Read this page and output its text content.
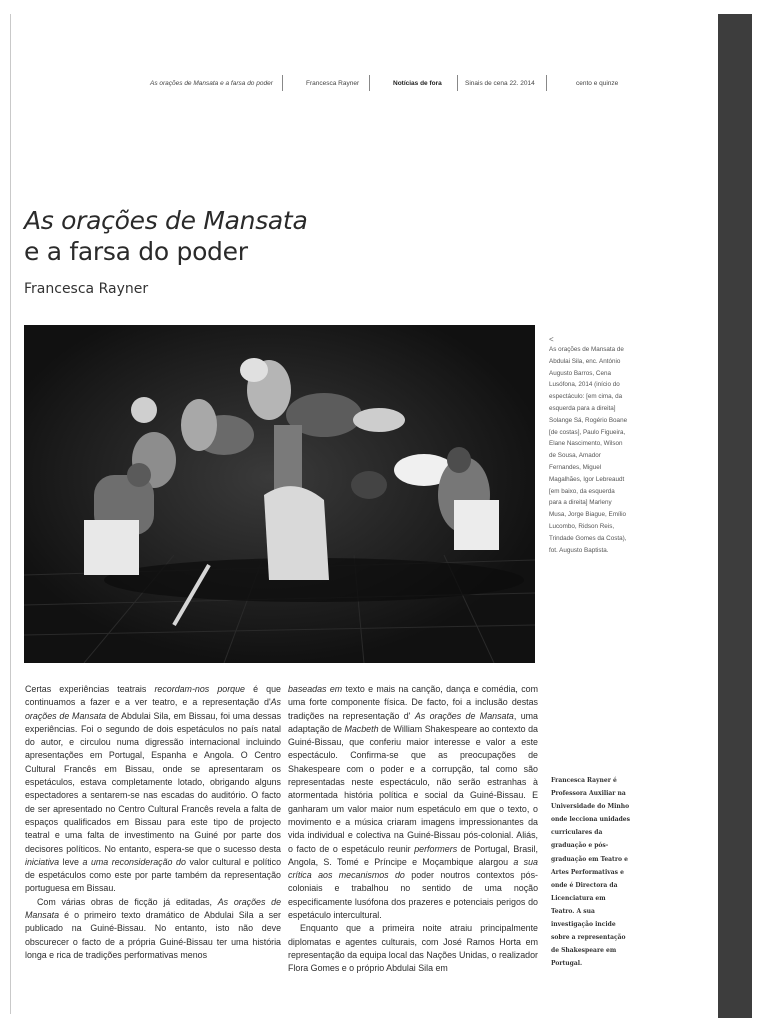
As orações de Mansata e a farsa do poder	Francesca Rayner	Notícias de fora	Sinais de cena 22. 2014	cento e quinze
As orações de Mansata
e a farsa do poder

Francesca Rayner

<
As orações de Mansata de Abdulai Sila, enc. António Augusto Barros, Cena Lusófona, 2014 (início do espectáculo: [em cima, da esquerda para a direita] Solange Sá, Rogério Boane [de costas], Paulo Figueira, Elane Nascimento, Wilson de Sousa, Amador Fernandes, Miguel Magalhães, Igor Lebreaudt [em baixo, da esquerda para a direita] Marleny Musa, Jorge Biague, Emílio Lucombo, Ridson Reis, Trindade Gomes da Costa), fot. Augusto Baptista.

Certas experiências teatrais recordam-nos porque é que continuamos a fazer e a ver teatro, e a representação d'As orações de Mansata de Abdulai Sila, em Bissau, foi uma dessas experiências. Foi o segundo de dois espetáculos no país natal do autor, e circulou numa digressão internacional incluindo apresentações em Portugal, Espanha e Angola. O Centro Cultural Francês em Bissau, onde se apresentaram os espetáculos, estava completamente lotado, obrigando alguns espectadores a sentarem-se nas escadas do auditório. O facto de ser apresentado no Centro Cultural Francês revela a falta de espaços qualificados em Bissau para este tipo de projecto teatral e uma falta de investimento na Guiné por parte dos decisores políticos. No entanto, espera-se que o sucesso desta iniciativa leve a uma reconsideração do valor cultural e político de espetáculos como este por parte também da representação portuguesa em Bissau.

Com várias obras de ficção já editadas, As orações de Mansata é o primeiro texto dramático de Abdulai Sila a ser publicado na Guiné-Bissau. No entanto, isto não deve obscurecer o facto de a própria Guiné-Bissau ter uma história longa e rica de tradições performativas menos

baseadas em texto e mais na canção, dança e comédia, com uma forte componente física. De facto, foi a inclusão destas tradições na representação d' As orações de Mansata, uma adaptação de Macbeth de William Shakespeare ao contexto da Guiné-Bissau, que conferiu maior interesse e valor a este espectáculo. Confirma-se que as preocupações de Shakespeare com o poder e a corrupção, tal como são representadas neste espectáculo, não serão estranhas à atormentada história política e social da Guiné-Bissau. E ganharam um valor maior num espetáculo em que o texto, o movimento e a música criaram imagens impressionantes da vida individual e colectiva na Guiné-Bissau pós-colonial. Aliás, o facto de o espetáculo reunir performers de Portugal, Brasil, Angola, S. Tomé e Príncipe e Moçambique alargou a sua crítica aos mecanismos do poder noutros contextos pós-coloniais e trabalhou no sentido de uma noção especificamente lusófona dos prazeres e potenciais perigos do espetáculo intercultural.

Enquanto que a primeira noite atraiu principalmente diplomatas e agentes culturais, com José Ramos Horta em representação da equipa local das Nações Unidas, o realizador Flora Gomes e o próprio Abdulai Sila em

Francesca Rayner é Professora Auxiliar na Universidade do Minho onde lecciona unidades curriculares da graduação e pós-graduação em Teatro e Artes Performativas e onde é Directora da Licenciatura em Teatro. A sua investigação incide sobre a representação de Shakespeare em Portugal.
